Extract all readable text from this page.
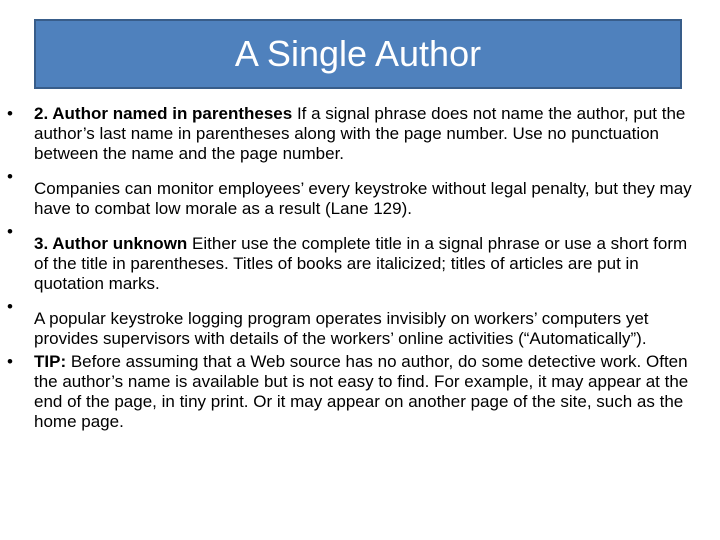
A Single Author
•	2. Author named in parentheses If a signal phrase does not name the author, put the author’s last name in parentheses along with the page number. Use no punctuation between the name and the page number.
•
Companies can monitor employees’ every keystroke without legal penalty, but they may have to combat low morale as a result (Lane 129).
•
3. Author unknown Either use the complete title in a signal phrase or use a short form of the title in parentheses. Titles of books are italicized; titles of articles are put in quotation marks.
•
A popular keystroke logging program operates invisibly on workers’ computers yet provides supervisors with details of the workers’ online activities (“Automatically”).
•	TIP: Before assuming that a Web source has no author, do some detective work. Often the author’s name is available but is not easy to find. For example, it may appear at the end of the page, in tiny print. Or it may appear on another page of the site, such as the home page.
